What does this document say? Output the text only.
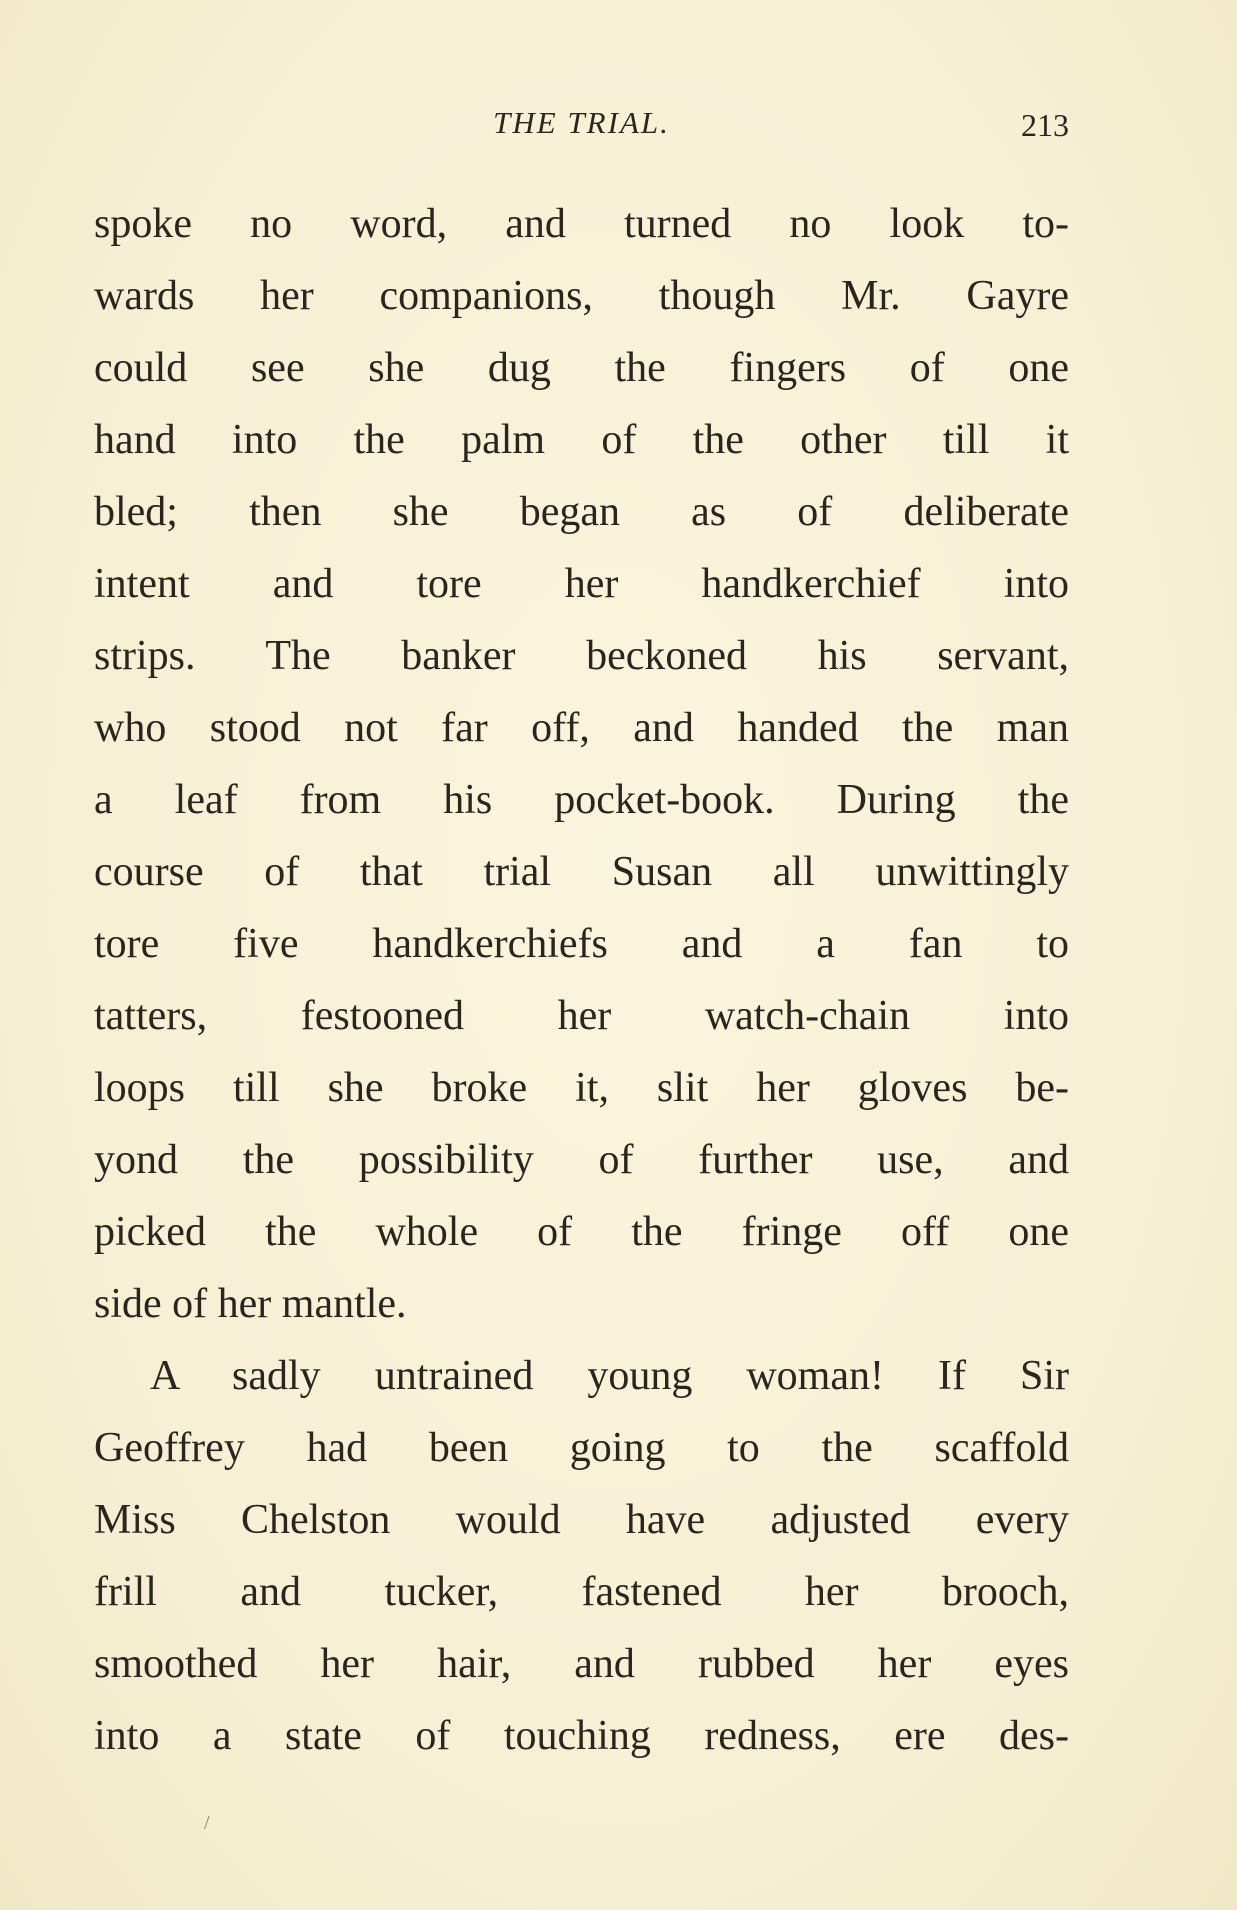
THE TRIAL.	213
spoke no word, and turned no look to-
wards her companions, though Mr. Gayre
could see she dug the fingers of one
hand into the palm of the other till it
bled; then she began as of deliberate
intent and tore her handkerchief into
strips. The banker beckoned his servant,
who stood not far off, and handed the man
a leaf from his pocket-book. During the
course of that trial Susan all unwittingly
tore five handkerchiefs and a fan to
tatters, festooned her watch-chain into
loops till she broke it, slit her gloves be-
yond the possibility of further use, and
picked the whole of the fringe off one
side of her mantle.
A sadly untrained young woman! If Sir
Geoffrey had been going to the scaffold
Miss Chelston would have adjusted every
frill and tucker, fastened her brooch,
smoothed her hair, and rubbed her eyes
into a state of touching redness, ere des-
/
